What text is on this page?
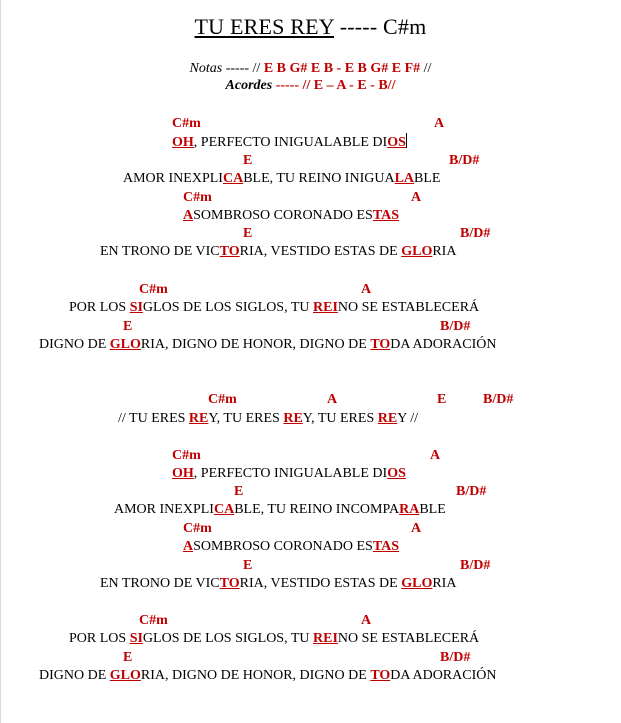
TU ERES REY ----- C#m
Notas ----- // E B G# E B - E B G# E F# //
Acordes ----- // E – A - E - B//
C#m	A
OH, PERFECTO INIGUALABLE DIOS
E	B/D#
AMOR INEXPLICABLE, TU REINO INIGUALABLE
C#m	A
ASOMBROSO CORONADO ESTAS
E	B/D#
EN TRONO DE VICTORIA, VESTIDO ESTAS DE GLORIA
C#m	A
POR LOS SIGLOS DE LOS SIGLOS, TU REINO SE ESTABLECERÁ
E	B/D#
DIGNO DE GLORIA, DIGNO DE HONOR, DIGNO DE TODA ADORACIÓN
C#m	A	E	B/D#
// TU ERES REY, TU ERES REY, TU ERES REY //
C#m	A
OH, PERFECTO INIGUALABLE DIOS
E	B/D#
AMOR INEXPLICABLE, TU REINO INCOMPARABLE
C#m	A
ASOMBROSO CORONADO ESTAS
E	B/D#
EN TRONO DE VICTORIA, VESTIDO ESTAS DE GLORIA
C#m	A
POR LOS SIGLOS DE LOS SIGLOS, TU REINO SE ESTABLECERÁ
E	B/D#
DIGNO DE GLORIA, DIGNO DE HONOR, DIGNO DE TODA ADORACIÓN
